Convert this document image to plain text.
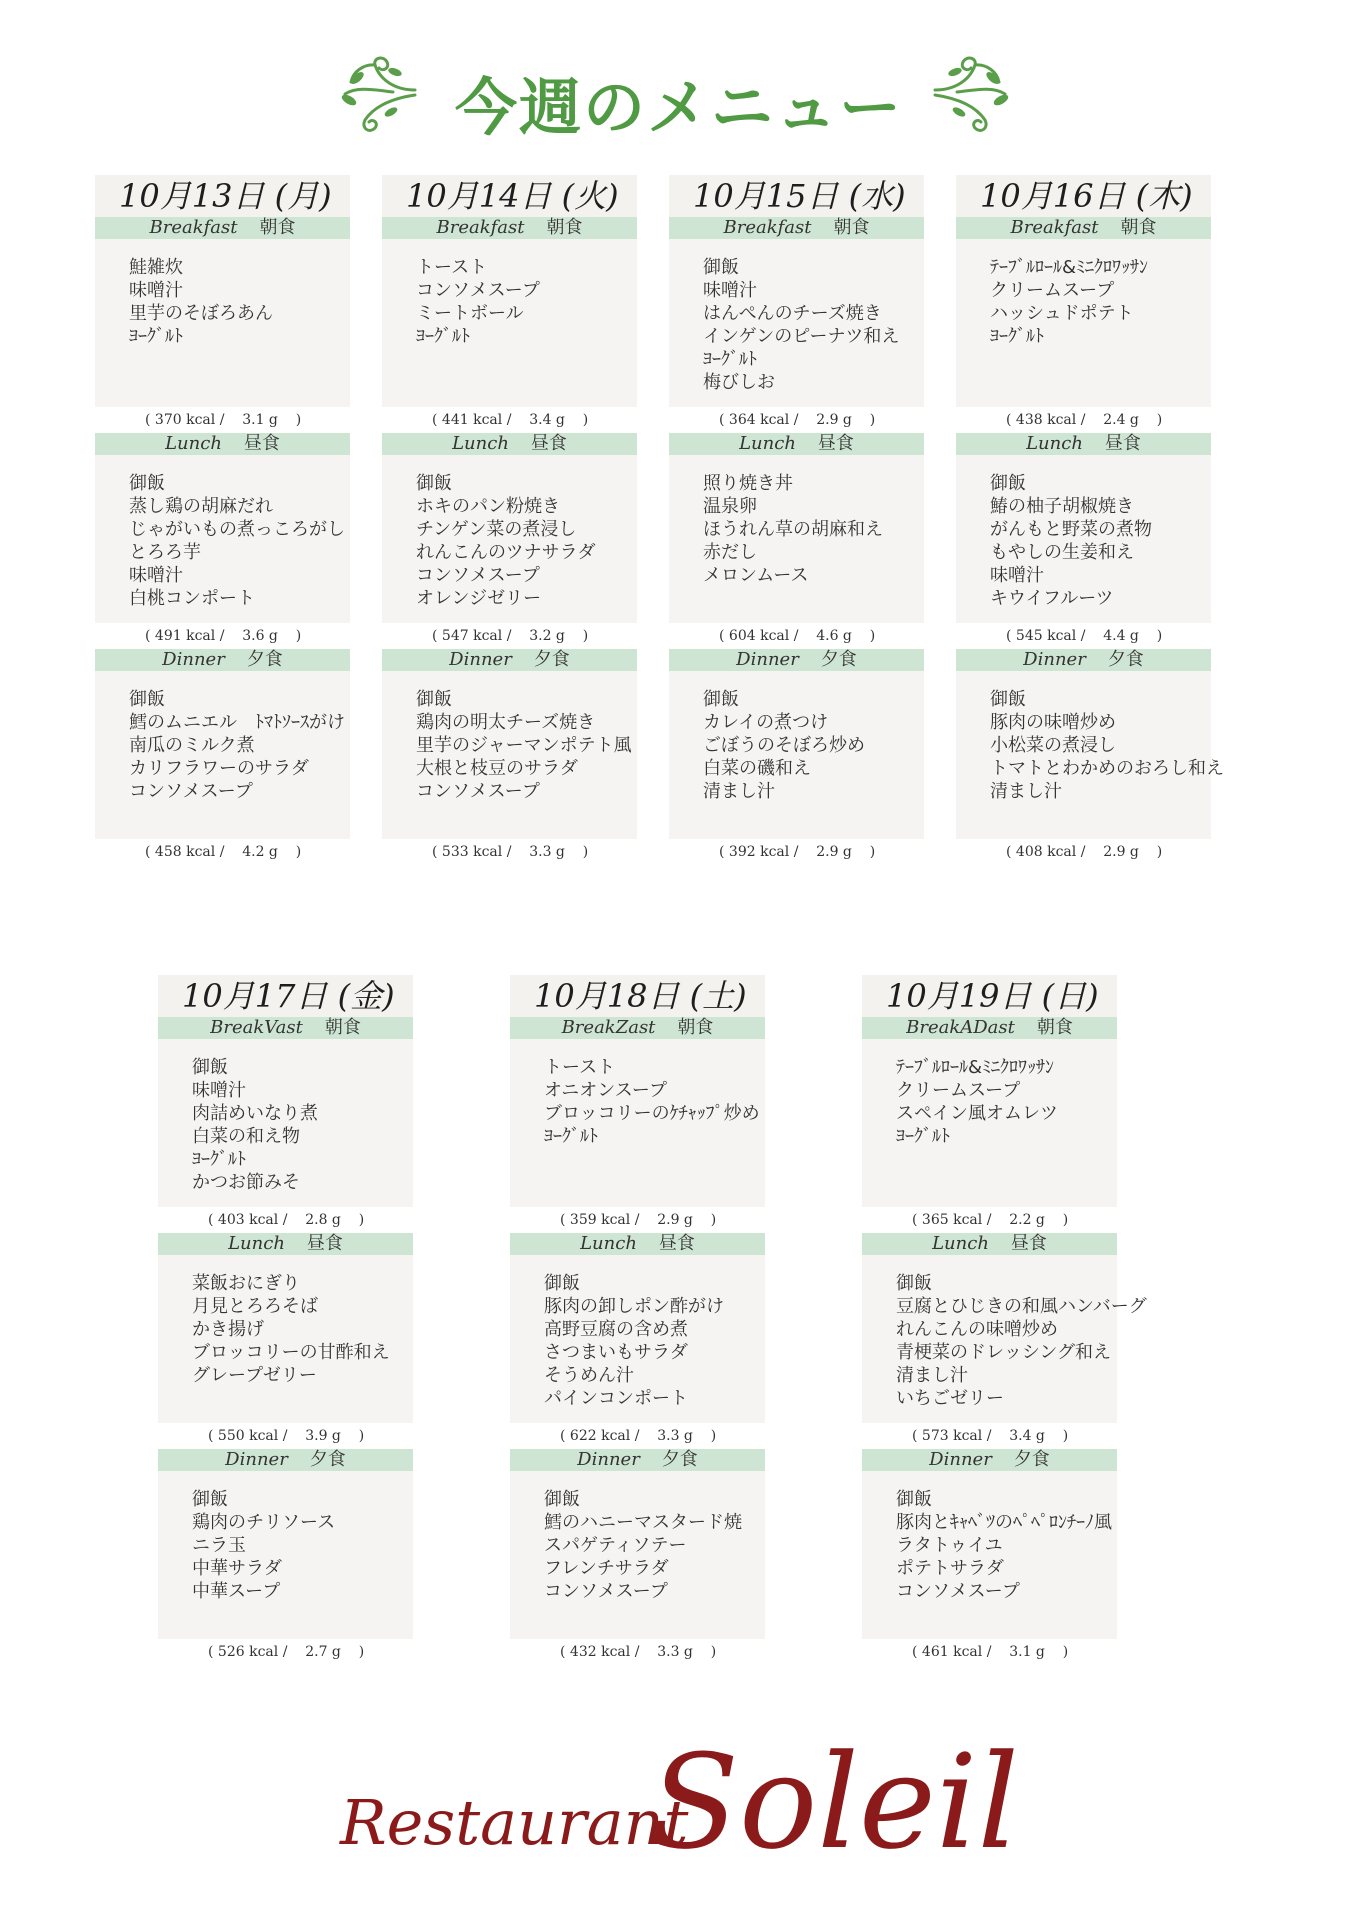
今週のメニュー
10月13日 (月)
Breakfast 朝食
鮭雑炊
味噌汁
里芋のそぼろあん
ﾖｰｸﾞﾙﾄ
( 370 kcal /    3.1 g    )
Lunch 昼食
御飯
蒸し鶏の胡麻だれ
じゃがいもの煮っころがし
とろろ芋
味噌汁
白桃コンポート
( 491 kcal /    3.6 g    )
Dinner 夕食
御飯
鱈のムニエル　ﾄﾏﾄｿｰｽがけ
南瓜のミルク煮
カリフラワーのサラダ
コンソメスープ
( 458 kcal /    4.2 g    )
10月14日 (火)
Breakfast 朝食
トースト
コンソメスープ
ミートボール
ﾖｰｸﾞﾙﾄ
( 441 kcal /    3.4 g    )
Lunch 昼食
御飯
ホキのパン粉焼き
チンゲン菜の煮浸し
れんこんのツナサラダ
コンソメスープ
オレンジゼリー
( 547 kcal /    3.2 g    )
Dinner 夕食
御飯
鶏肉の明太チーズ焼き
里芋のジャーマンポテト風
大根と枝豆のサラダ
コンソメスープ
( 533 kcal /    3.3 g    )
10月15日 (水)
Breakfast 朝食
御飯
味噌汁
はんぺんのチーズ焼き
インゲンのピーナツ和え
ﾖｰｸﾞﾙﾄ
梅びしお
( 364 kcal /    2.9 g    )
Lunch 昼食
照り焼き丼
温泉卵
ほうれん草の胡麻和え
赤だし
メロンムース
( 604 kcal /    4.6 g    )
Dinner 夕食
御飯
カレイの煮つけ
ごぼうのそぼろ炒め
白菜の磯和え
清まし汁
( 392 kcal /    2.9 g    )
10月16日 (木)
Breakfast 朝食
ﾃｰﾌﾞﾙﾛｰﾙ&ﾐﾆｸﾛﾜｯｻﾝ
クリームスープ
ハッシュドポテト
ﾖｰｸﾞﾙﾄ
( 438 kcal /    2.4 g    )
Lunch 昼食
御飯
鰆の柚子胡椒焼き
がんもと野菜の煮物
もやしの生姜和え
味噌汁
キウイフルーツ
( 545 kcal /    4.4 g    )
Dinner 夕食
御飯
豚肉の味噌炒め
小松菜の煮浸し
トマトとわかめのおろし和え
清まし汁
( 408 kcal /    2.9 g    )
10月17日 (金)
BreakVast 朝食
御飯
味噌汁
肉詰めいなり煮
白菜の和え物
ﾖｰｸﾞﾙﾄ
かつお節みそ
( 403 kcal /    2.8 g    )
Lunch 昼食
菜飯おにぎり
月見とろろそば
かき揚げ
ブロッコリーの甘酢和え
グレープゼリー
( 550 kcal /    3.9 g    )
Dinner 夕食
御飯
鶏肉のチリソース
ニラ玉
中華サラダ
中華スープ
( 526 kcal /    2.7 g    )
10月18日 (土)
BreakZast 朝食
トースト
オニオンスープ
ブロッコリーのｹﾁｬｯﾌﾟ炒め
ﾖｰｸﾞﾙﾄ
( 359 kcal /    2.9 g    )
Lunch 昼食
御飯
豚肉の卸しポン酢がけ
高野豆腐の含め煮
さつまいもサラダ
そうめん汁
パインコンポート
( 622 kcal /    3.3 g    )
Dinner 夕食
御飯
鱈のハニーマスタード焼
スパゲティソテー
フレンチサラダ
コンソメスープ
( 432 kcal /    3.3 g    )
10月19日 (日)
BreakADast 朝食
ﾃｰﾌﾞﾙﾛｰﾙ&ﾐﾆｸﾛﾜｯｻﾝ
クリームスープ
スペイン風オムレツ
ﾖｰｸﾞﾙﾄ
( 365 kcal /    2.2 g    )
Lunch 昼食
御飯
豆腐とひじきの和風ハンバーグ
れんこんの味噌炒め
青梗菜のドレッシング和え
清まし汁
いちごゼリー
( 573 kcal /    3.4 g    )
Dinner 夕食
御飯
豚肉とｷｬﾍﾞﾂのﾍﾟﾍﾟﾛﾝﾁｰﾉ風
ラタトゥイユ
ポテトサラダ
コンソメスープ
( 461 kcal /    3.1 g    )
Restaurant
Soleil
